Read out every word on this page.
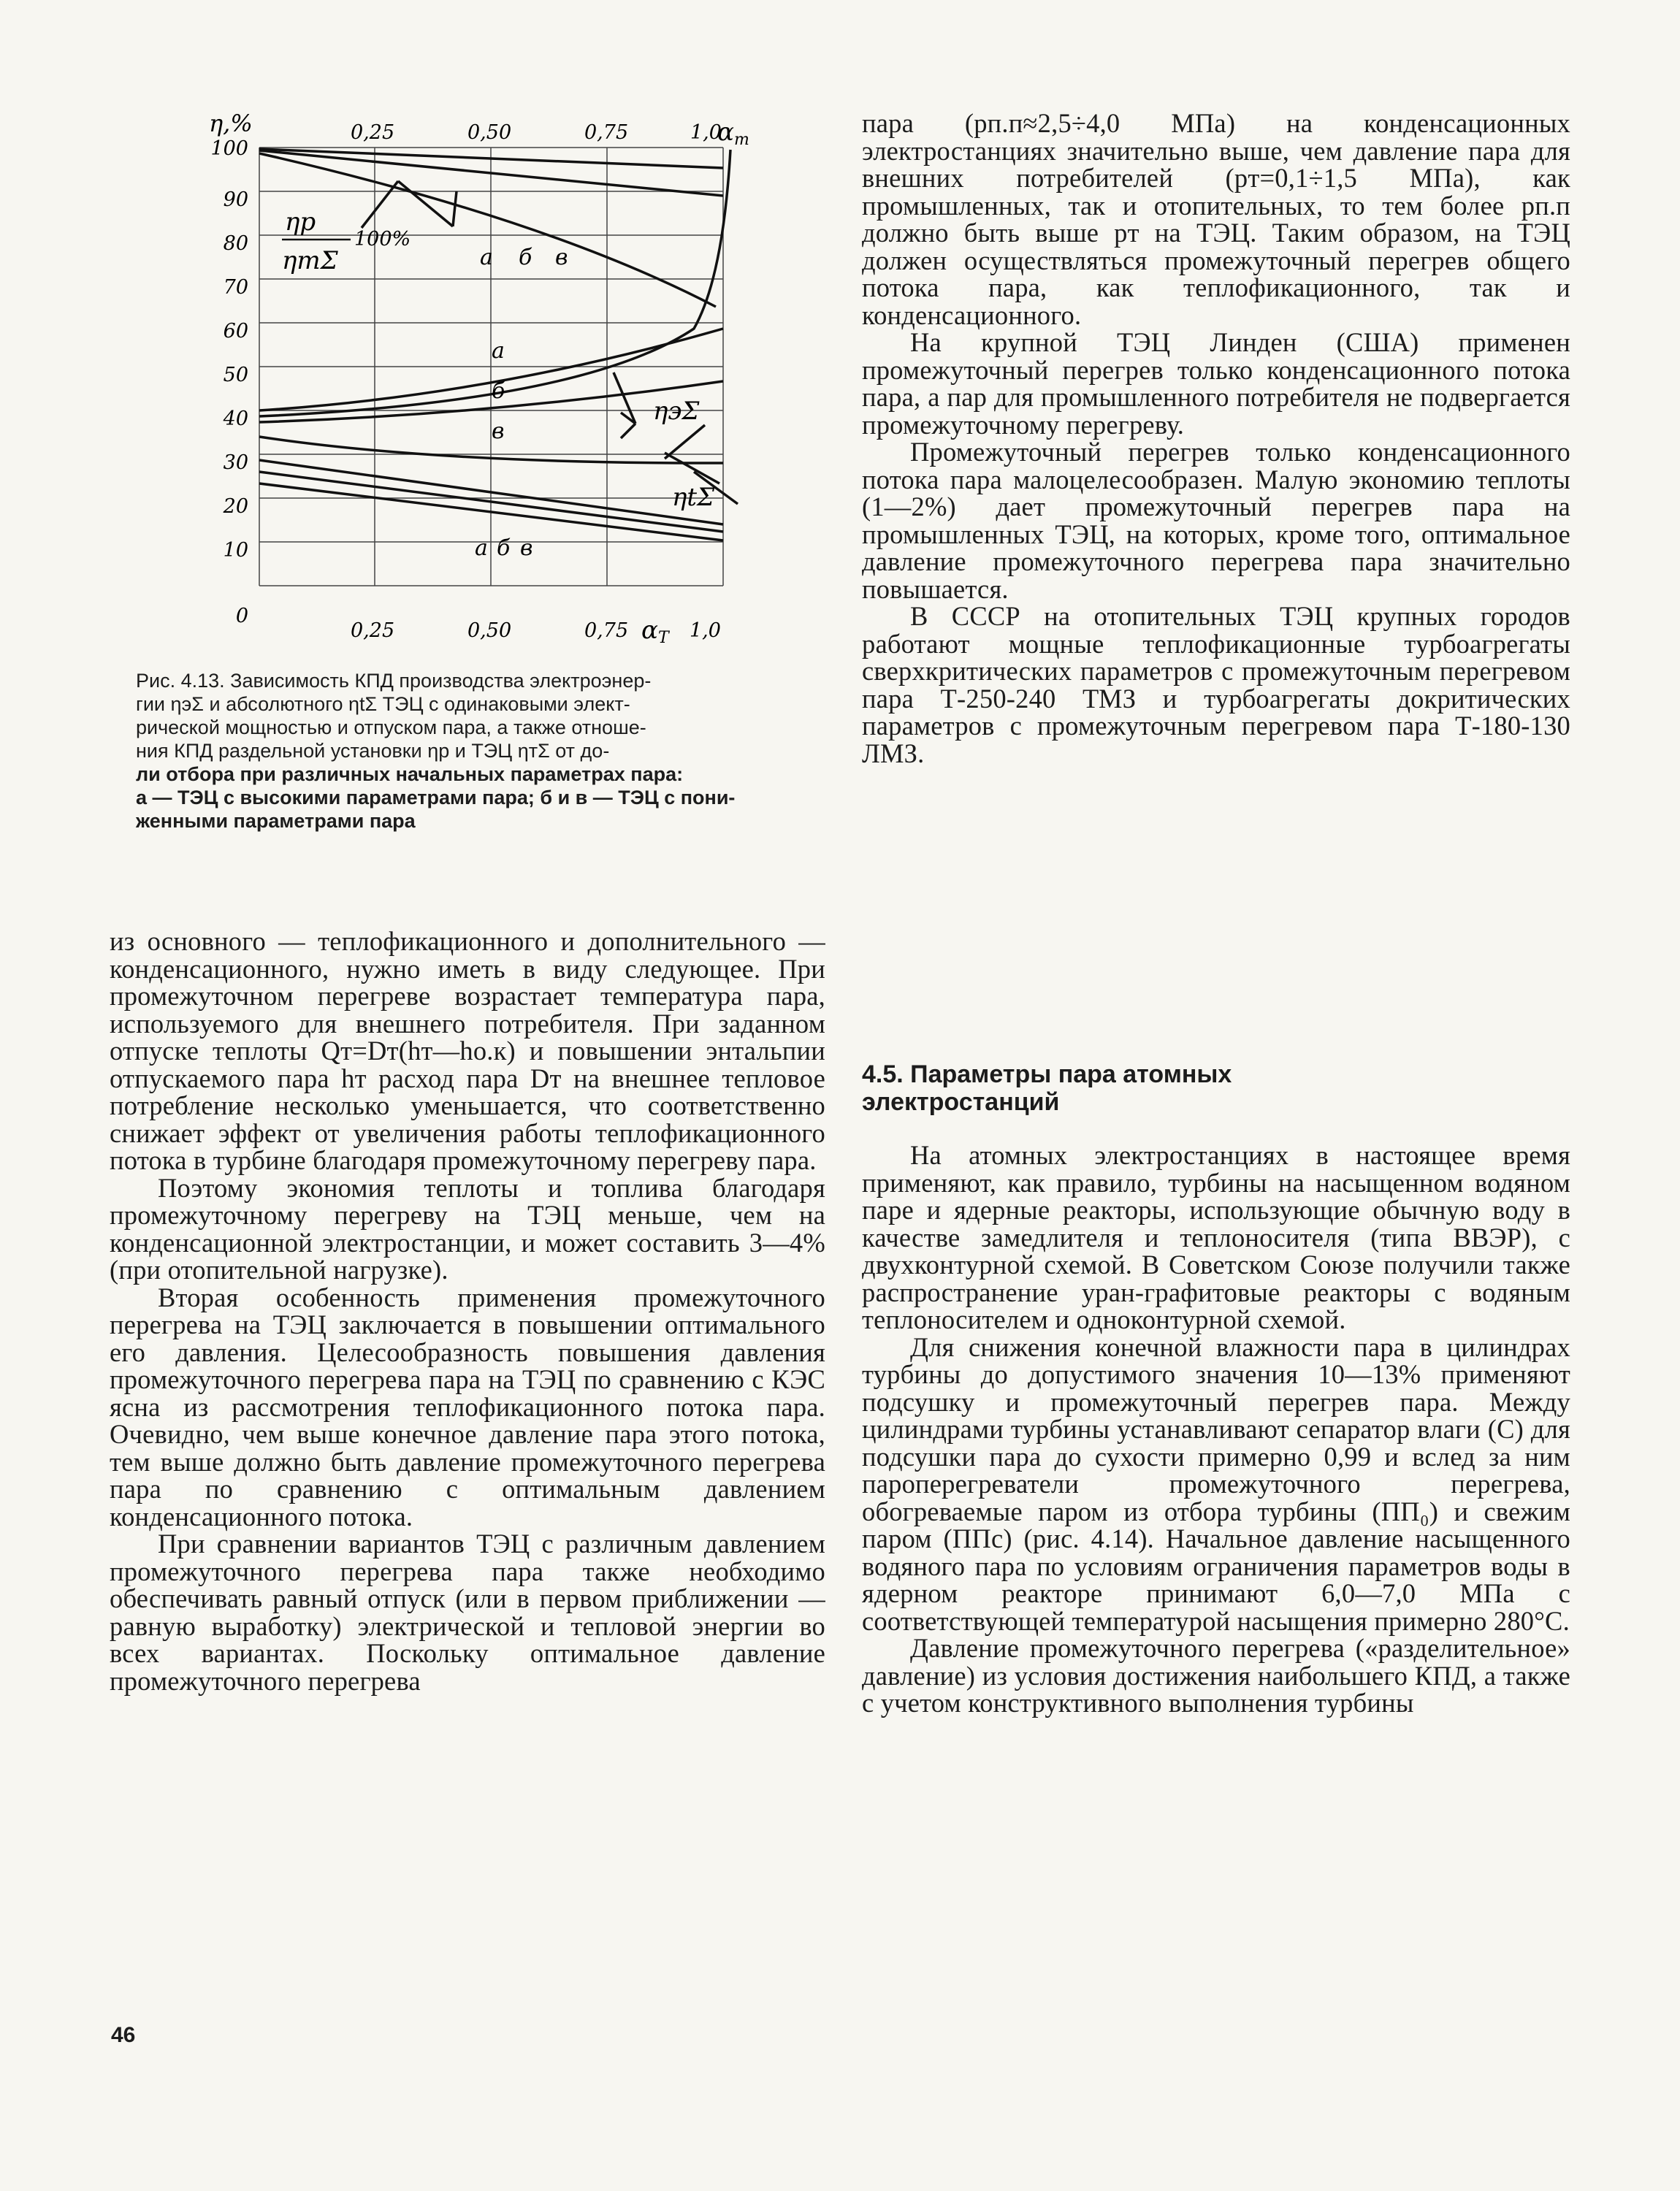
η,%	αm
0,25	0,50	0,75	1,0
100
90
80
70
60
50
40
30
20
10
0
ηр
ηтΣ
100%
а б в
а
б
в
а б в
ηэΣ
ηtΣ
0,25	0,50	0,75	1,0
αT
Рис. 4.13. Зависимость КПД производства электроэнер-
гии ηэΣ и абсолютного ηtΣ ТЭЦ с одинаковыми элект-
рической мощностью и отпуском пара, а также отноше-
ния КПД раздельной установки ηр и ТЭЦ ηтΣ от до-
ли отбора при различных начальных параметрах пара:
а — ТЭЦ с высокими параметрами пара; б и в — ТЭЦ с пони-
женными параметрами пара

из основного — теплофикационного и дополнительного — конденсационного, нужно иметь в виду следующее. При промежуточном перегреве возрастает температура пара, используемого для внешнего потребителя. При заданном отпуске теплоты Qт=Dт(hт—hо.к) и повышении энтальпии отпускаемого пара hт расход пара Dт на внешнее тепловое потребление несколько уменьшается, что соответственно снижает эффект от увеличения работы теплофикационного потока в турбине благодаря промежуточному перегреву пара.

Поэтому экономия теплоты и топлива благодаря промежуточному перегреву на ТЭЦ меньше, чем на конденсационной электростанции, и может составить 3—4% (при отопительной нагрузке).

Вторая особенность применения промежуточного перегрева на ТЭЦ заключается в повышении оптимального его давления. Целесообразность повышения давления промежуточного перегрева пара на ТЭЦ по сравнению с КЭС ясна из рассмотрения теплофикационного потока пара. Очевидно, чем выше конечное давление пара этого потока, тем выше должно быть давление промежуточного перегрева пара по сравнению с оптимальным давлением конденсационного потока.

При сравнении вариантов ТЭЦ с различным давлением промежуточного перегрева пара также необходимо обеспечивать равный отпуск (или в первом приближении — равную выработку) электрической и тепловой энергии во всех вариантах. Поскольку оптимальное давление промежуточного перегрева

пара (pп.п≈2,5÷4,0 МПа) на конденсационных электростанциях значительно выше, чем давление пара для внешних потребителей (pт=0,1÷1,5 МПа), как промышленных, так и отопительных, то тем более pп.п должно быть выше pт на ТЭЦ. Таким образом, на ТЭЦ должен осуществляться промежуточный перегрев общего потока пара, как теплофикационного, так и конденсационного.

На крупной ТЭЦ Линден (США) применен промежуточный перегрев только конденсационного потока пара, а пар для промышленного потребителя не подвергается промежуточному перегреву.

Промежуточный перегрев только конденсационного потока пара малоцелесообразен. Малую экономию теплоты (1—2%) дает промежуточный перегрев пара на промышленных ТЭЦ, на которых, кроме того, оптимальное давление промежуточного перегрева пара значительно повышается.

В СССР на отопительных ТЭЦ крупных городов работают мощные теплофикационные турбоагрегаты сверхкритических параметров с промежуточным перегревом пара Т-250-240 ТМЗ и турбоагрегаты докритических параметров с промежуточным перегревом пара Т-180-130 ЛМЗ.

4.5. Параметры пара атомных
электростанций

На атомных электростанциях в настоящее время применяют, как правило, турбины на насыщенном водяном паре и ядерные реакторы, использующие обычную воду в качестве замедлителя и теплоносителя (типа ВВЭР), с двухконтурной схемой. В Советском Союзе получили также распространение уран-графитовые реакторы с водяным теплоносителем и одноконтурной схемой.

Для снижения конечной влажности пара в цилиндрах турбины до допустимого значения 10—13% применяют подсушку и промежуточный перегрев пара. Между цилиндрами турбины устанавливают сепаратор влаги (С) для подсушки пара до сухости примерно 0,99 и вслед за ним пароперегреватели промежуточного перегрева, обогреваемые паром из отбора турбины (ПП₀) и свежим паром (ППс) (рис. 4.14). Начальное давление насыщенного водяного пара по условиям ограничения параметров воды в ядерном реакторе принимают 6,0—7,0 МПа с соответствующей температурой насыщения примерно 280°С.

Давление промежуточного перегрева («разделительное» давление) из условия достижения наибольшего КПД, а также с учетом конструктивного выполнения турбины

46
